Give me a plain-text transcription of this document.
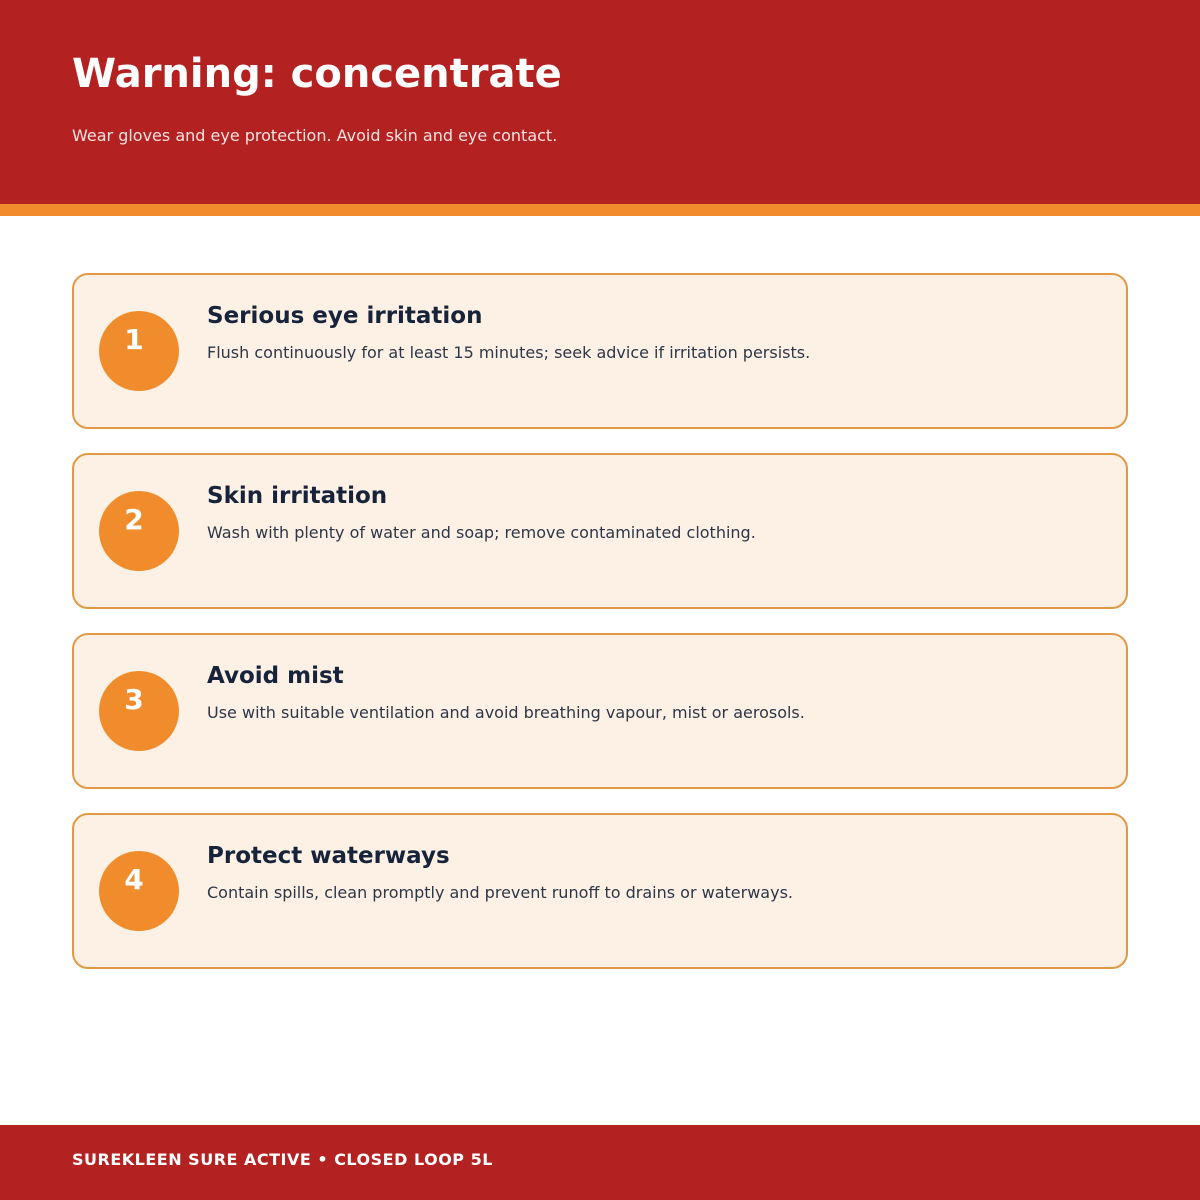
Warning: concentrate

Wear gloves and eye protection. Avoid skin and eye contact.

1
Serious eye irritation

Flush continuously for at least 15 minutes; seek advice if irritation persists.

2
Skin irritation

Wash with plenty of water and soap; remove contaminated clothing.

3
Avoid mist

Use with suitable ventilation and avoid breathing vapour, mist or aerosols.

4
Protect waterways

Contain spills, clean promptly and prevent runoff to drains or waterways.

SUREKLEEN SURE ACTIVE • CLOSED LOOP 5L
